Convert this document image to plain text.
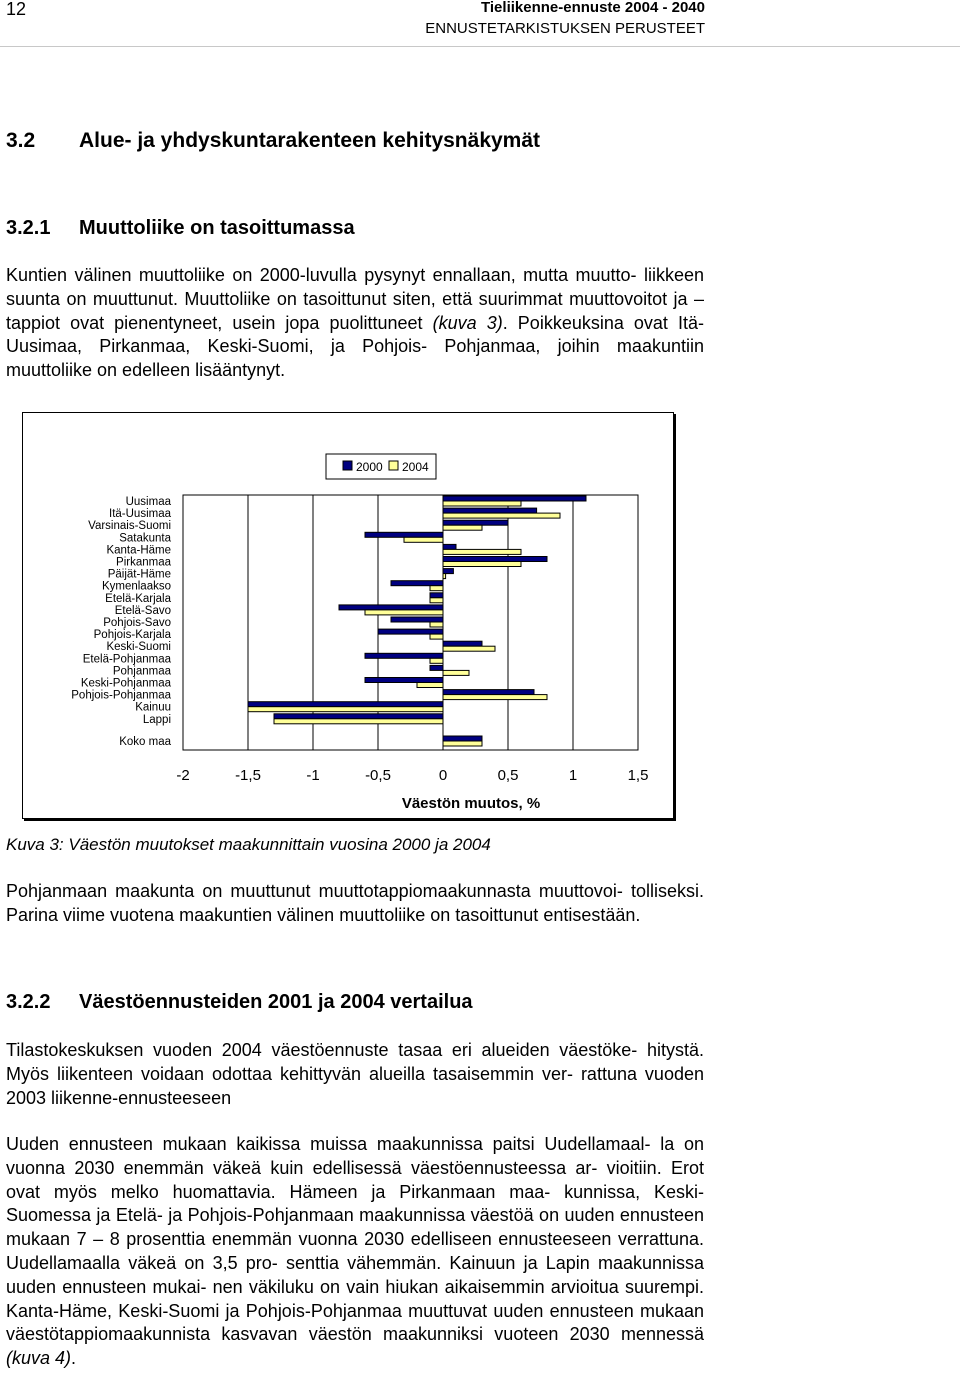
12	Tieliikenne-ennuste 2004 - 2040
ENNUSTETARKISTUKSEN PERUSTEET
3.2 Alue- ja yhdyskuntarakenteen kehitysnäkymät
3.2.1 Muuttoliike on tasoittumassa

Kuntien välinen muuttoliike on 2000-luvulla pysynyt ennallaan, mutta muutto- liikkeen suunta on muuttunut. Muuttoliike on tasoittunut siten, että suurimmat muuttovoitot ja –tappiot ovat pienentyneet, usein jopa puolittuneet (kuva 3). Poikkeuksina ovat Itä-Uusimaa, Pirkanmaa, Keski-Suomi, ja Pohjois- Pohjanmaa, joihin maakuntiin muuttoliike on edelleen lisääntynyt.

-2	-1,5	-1	-0,5	0	0,5	1	1,5
Väestön muutos, %
2000 2004
Uusimaa
Itä-Uusimaa
Varsinais-Suomi
Satakunta
Kanta-Häme
Pirkanmaa
Päijät-Häme
Kymenlaakso
Etelä-Karjala
Etelä-Savo
Pohjois-Savo
Pohjois-Karjala
Keski-Suomi
Etelä-Pohjanmaa
Pohjanmaa
Keski-Pohjanmaa
Pohjois-Pohjanmaa
Kainuu
Lappi
Koko maa

Kuva 3: Väestön muutokset maakunnittain vuosina 2000 ja 2004

Pohjanmaan maakunta on muuttunut muuttotappiomaakunnasta muuttovoi- tolliseksi. Parina viime vuotena maakuntien välinen muuttoliike on tasoittunut entisestään.

3.2.2 Väestöennusteiden 2001 ja 2004 vertailua

Tilastokeskuksen vuoden 2004 väestöennuste tasaa eri alueiden väestöke- hitystä. Myös liikenteen voidaan odottaa kehittyvän alueilla tasaisemmin ver- rattuna vuoden 2003 liikenne-ennusteeseen

Uuden ennusteen mukaan kaikissa muissa maakunnissa paitsi Uudellamaal- la on vuonna 2030 enemmän väkeä kuin edellisessä väestöennusteessa ar- vioitiin. Erot ovat myös melko huomattavia. Hämeen ja Pirkanmaan maa- kunnissa, Keski-Suomessa ja Etelä- ja Pohjois-Pohjanmaan maakunnissa väestöä on uuden ennusteen mukaan 7 – 8 prosenttia enemmän vuonna 2030 edelliseen ennusteeseen verrattuna. Uudellamaalla väkeä on 3,5 pro- senttia vähemmän. Kainuun ja Lapin maakunnissa uuden ennusteen mukai- nen väkiluku on vain hiukan aikaisemmin arvioitua suurempi. Kanta-Häme, Keski-Suomi ja Pohjois-Pohjanmaa muuttuvat uuden ennusteen mukaan väestötappiomaakunnista kasvavan väestön maakunniksi vuoteen 2030 mennessä (kuva 4).
